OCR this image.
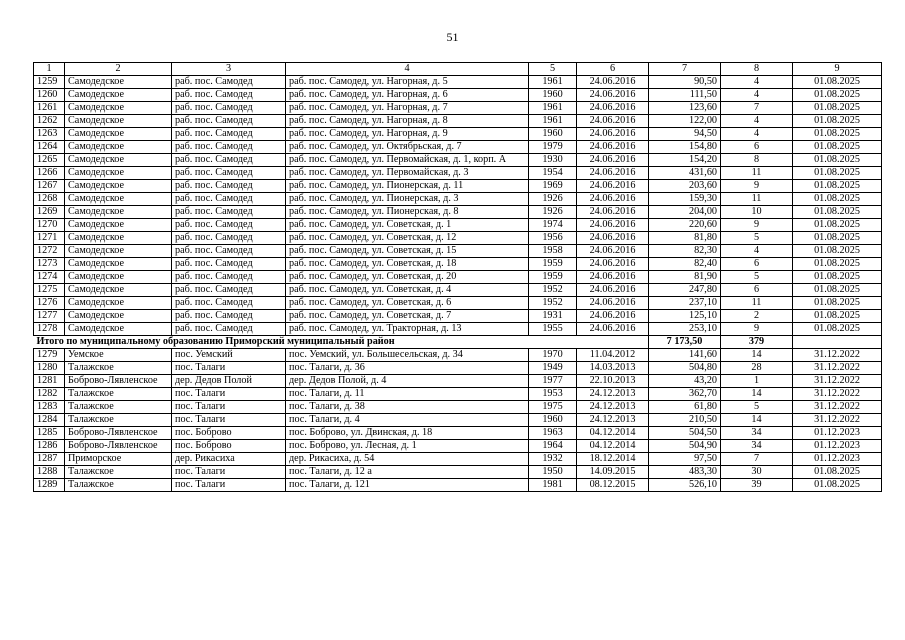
51
1	2	3	4	5	6	7	8	9
1259	Самодедское	раб. пос. Самодед	раб. пос. Самодед, ул. Нагорная, д. 5	1961	24.06.2016	90,50	4	01.08.2025
1260	Самодедское	раб. пос. Самодед	раб. пос. Самодед, ул. Нагорная, д. 6	1960	24.06.2016	111,50	4	01.08.2025
1261	Самодедское	раб. пос. Самодед	раб. пос. Самодед, ул. Нагорная, д. 7	1961	24.06.2016	123,60	7	01.08.2025
1262	Самодедское	раб. пос. Самодед	раб. пос. Самодед, ул. Нагорная, д. 8	1961	24.06.2016	122,00	4	01.08.2025
1263	Самодедское	раб. пос. Самодед	раб. пос. Самодед, ул. Нагорная, д. 9	1960	24.06.2016	94,50	4	01.08.2025
1264	Самодедское	раб. пос. Самодед	раб. пос. Самодед, ул. Октябрьская, д. 7	1979	24.06.2016	154,80	6	01.08.2025
1265	Самодедское	раб. пос. Самодед	раб. пос. Самодед, ул. Первомайская, д. 1, корп. А	1930	24.06.2016	154,20	8	01.08.2025
1266	Самодедское	раб. пос. Самодед	раб. пос. Самодед, ул. Первомайская, д. 3	1954	24.06.2016	431,60	11	01.08.2025
1267	Самодедское	раб. пос. Самодед	раб. пос. Самодед, ул. Пионерская, д. 11	1969	24.06.2016	203,60	9	01.08.2025
1268	Самодедское	раб. пос. Самодед	раб. пос. Самодед, ул. Пионерская, д. 3	1926	24.06.2016	159,30	11	01.08.2025
1269	Самодедское	раб. пос. Самодед	раб. пос. Самодед, ул. Пионерская, д. 8	1926	24.06.2016	204,00	10	01.08.2025
1270	Самодедское	раб. пос. Самодед	раб. пос. Самодед, ул. Советская, д. 1	1974	24.06.2016	220,60	9	01.08.2025
1271	Самодедское	раб. пос. Самодед	раб. пос. Самодед, ул. Советская, д. 12	1956	24.06.2016	81,80	5	01.08.2025
1272	Самодедское	раб. пос. Самодед	раб. пос. Самодед, ул. Советская, д. 15	1958	24.06.2016	82,30	4	01.08.2025
1273	Самодедское	раб. пос. Самодед	раб. пос. Самодед, ул. Советская, д. 18	1959	24.06.2016	82,40	6	01.08.2025
1274	Самодедское	раб. пос. Самодед	раб. пос. Самодед, ул. Советская, д. 20	1959	24.06.2016	81,90	5	01.08.2025
1275	Самодедское	раб. пос. Самодед	раб. пос. Самодед, ул. Советская, д. 4	1952	24.06.2016	247,80	6	01.08.2025
1276	Самодедское	раб. пос. Самодед	раб. пос. Самодед, ул. Советская, д. 6	1952	24.06.2016	237,10	11	01.08.2025
1277	Самодедское	раб. пос. Самодед	раб. пос. Самодед, ул. Советская, д. 7	1931	24.06.2016	125,10	2	01.08.2025
1278	Самодедское	раб. пос. Самодед	раб. пос. Самодед, ул. Тракторная, д. 13	1955	24.06.2016	253,10	9	01.08.2025
Итого по муниципальному образованию Приморский муниципальный район						7 173,50	379	
1279	Уемское	пос. Уемский	пос. Уемский, ул. Большесельская, д. 34	1970	11.04.2012	141,60	14	31.12.2022
1280	Талажское	пос. Талаги	пос. Талаги, д. 36	1949	14.03.2013	504,80	28	31.12.2022
1281	Боброво-Лявленское	дер. Дедов Полой	дер. Дедов Полой, д. 4	1977	22.10.2013	43,20	1	31.12.2022
1282	Талажское	пос. Талаги	пос. Талаги, д. 11	1953	24.12.2013	362,70	14	31.12.2022
1283	Талажское	пос. Талаги	пос. Талаги, д. 38	1975	24.12.2013	61,80	5	31.12.2022
1284	Талажское	пос. Талаги	пос. Талаги, д. 4	1960	24.12.2013	210,50	14	31.12.2022
1285	Боброво-Лявленское	пос. Боброво	пос. Боброво, ул. Двинская, д. 18	1963	04.12.2014	504,50	34	01.12.2023
1286	Боброво-Лявленское	пос. Боброво	пос. Боброво, ул. Лесная, д. 1	1964	04.12.2014	504,90	34	01.12.2023
1287	Приморское	дер. Рикасиха	дер. Рикасиха, д. 54	1932	18.12.2014	97,50	7	01.12.2023
1288	Талажское	пос. Талаги	пос. Талаги, д. 12 а	1950	14.09.2015	483,30	30	01.08.2025
1289	Талажское	пос. Талаги	пос. Талаги, д. 121	1981	08.12.2015	526,10	39	01.08.2025
